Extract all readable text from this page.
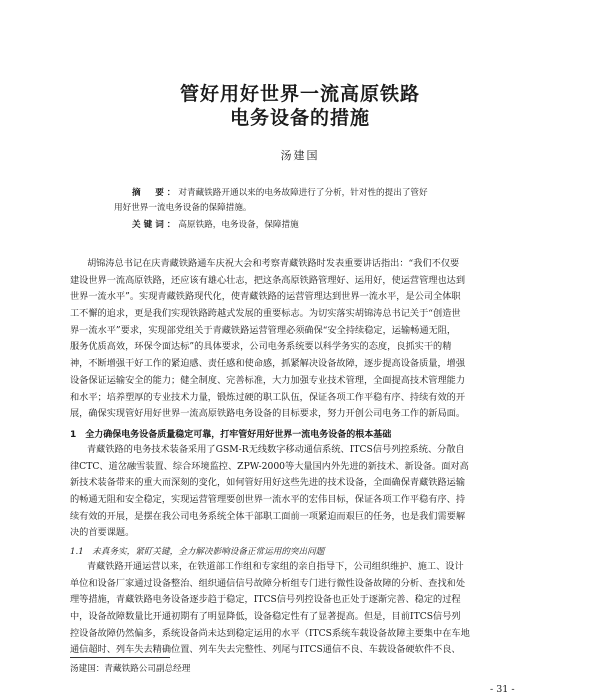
管好用好世界一流高原铁路
电务设备的措施
汤建国
摘　要：对青藏铁路开通以来的电务故障进行了分析，针对性的提出了管好
用好世界一流电务设备的保障措施。
关键词：高原铁路，电务设备，保障措施
胡锦涛总书记在庆青藏铁路通车庆祝大会和考察青藏铁路时发表重要讲话指出：“我们不仅要
建设世界一流高原铁路，还应该有雄心壮志，把这条高原铁路管理好、运用好，使运营管理也达到
世界一流水平”。实现青藏铁路现代化，使青藏铁路的运营管理达到世界一流水平，是公司全体职
工不懈的追求，更是我们实现铁路跨越式发展的重要标志。为切实落实胡锦涛总书记关于“创造世
界一流水平”要求，实现部党组关于青藏铁路运营管理必须确保“安全持续稳定，运输畅通无阻，
服务优质高效，环保令面达标”的具体要求，公司电务系统要以科学务实的态度，良抓实干的精
神，不断增强干好工作的紧迫感、责任感和使命感，抓紧解决设备故障，逐步提高设备质量，增强
设备保证运输安全的能力；健全制度、完善标准，大力加强专业技术管理，全面提高技术管理能力
和水平；培养塑厚的专业技术力量，锻炼过硬的职工队伍，保证各项工作平稳有序、持续有效的开
展，确保实现管好用好世界一流高原铁路电务设备的目标要求，努力开创公司电务工作的新局面。
1　全力确保电务设备质量稳定可靠，打牢管好用好世界一流电务设备的根本基础
青藏铁路的电务技术装备采用了GSM-R无线数字移动通信系统、ITCS信号列控系统、分散自
律CTC、道岔融雪装置、综合环境监控、ZPW-2000等大量国内外先进的新技术、新设备。面对高
新技术装备带来的重大而深刻的变化，如何管好用好这些先进的技术设备，全面确保青藏铁路运输
的畅通无阻和安全稳定，实现运营管理要创世界一流水平的宏伟目标，保证各项工作平稳有序、持
续有效的开展，是摆在我公司电务系统全体干部职工面前一项紧迫而艰巨的任务，也是我们需要解
决的首要课题。
1.1　未真务实，紧盯关键，全力解决影响设备正常运用的突出问题
青藏铁路开通运营以来，在铁道部工作组和专家组的亲自指导下，公司组织维护、施工、设计
单位和设备厂家通过设备整治、组织通信信号故障分析组专门进行微性设备故障的分析、查找和处
理等措施，青藏铁路电务设备逐步趋于稳定，ITCS信号列控设备也正处于逐渐完善、稳定的过程
中，设备故障数量比开通初期有了明显降低，设备稳定性有了显著提高。但是，目前ITCS信号列
控设备故障仍然偏多，系统设备尚未达到稳定运用的水平（ITCS系统车载设备故障主要集中在车地
通信超时、列车失去精确位置、列车失去完整性、列尾与ITCS通信不良、车载设备硬软件不良、
汤建国：青藏铁路公司副总经理
- 31 -
